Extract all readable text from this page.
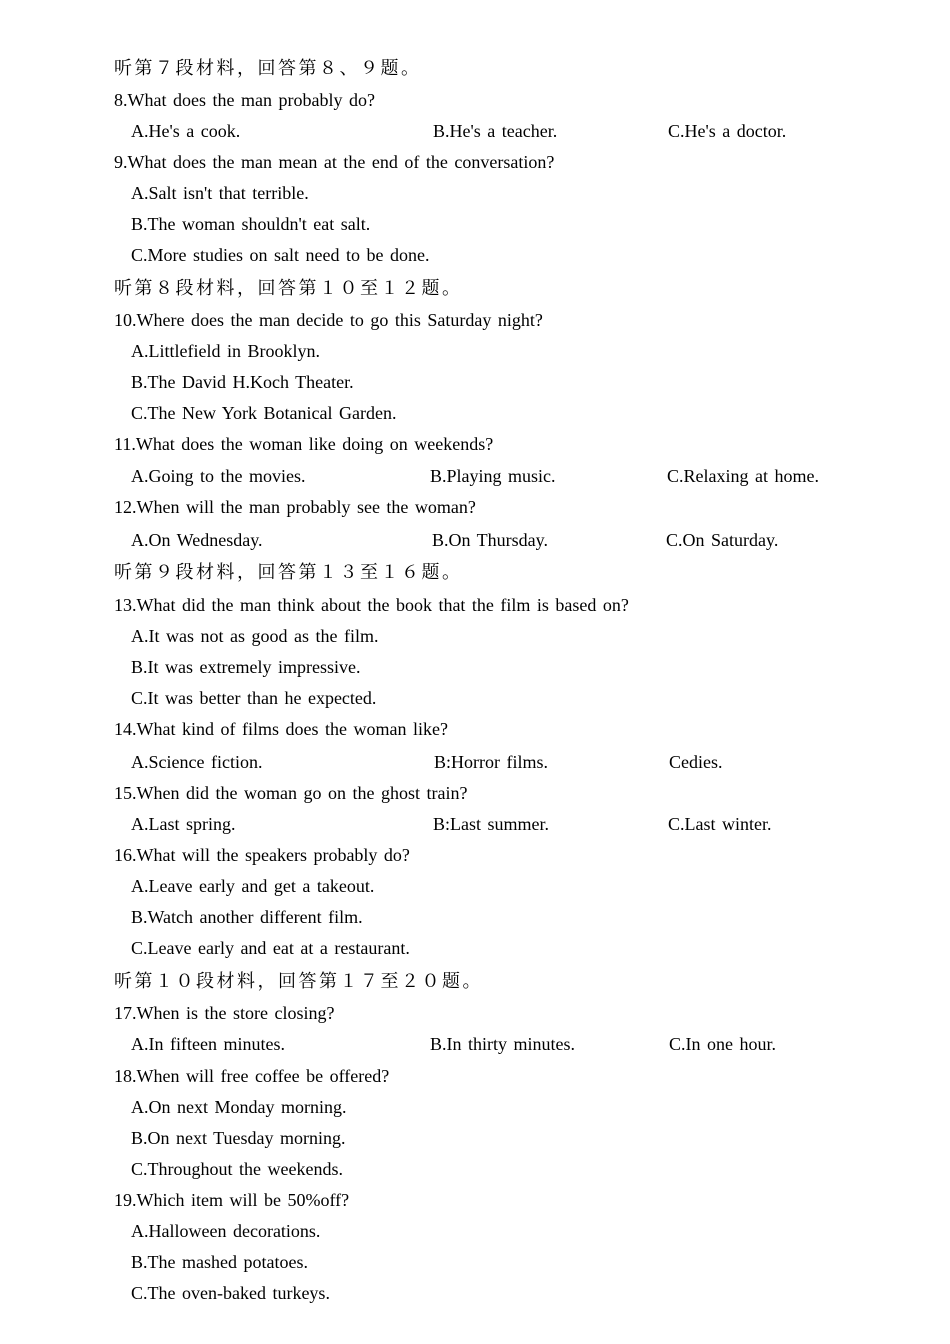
听第７段材料，回答第８、９题。
8.What does the man probably do?
A.He's a cook.	B.He's a teacher.	C.He's a doctor.
9.What does the man mean at the end of the conversation?
A.Salt isn't that terrible.
B.The woman shouldn't eat salt.
C.More studies on salt need to be done.
听第８段材料，回答第１０至１２题。
10.Where does the man decide to go this Saturday night?
A.Littlefield in Brooklyn.
B.The David H.Koch Theater.
C.The New York Botanical Garden.
11.What does the woman like doing on weekends?
A.Going to the movies.	B.Playing music.	C.Relaxing at home.
12.When will the man probably see the woman?
A.On Wednesday.	B.On Thursday.	C.On Saturday.
听第９段材料，回答第１３至１６题。
13.What did the man think about the book that the film is based on?
A.It was not as good as the film.
B.It was extremely impressive.
C.It was better than he expected.
14.What kind of films does the woman like?
A.Science fiction.	B:Horror films.	Cedies.
15.When did the woman go on the ghost train?
A.Last spring.	B:Last summer.	C.Last winter.
16.What will the speakers probably do?
A.Leave early and get a takeout.
B.Watch another different film.
C.Leave early and eat at a restaurant.
听第１０段材料，回答第１７至２０题。
17.When is the store closing?
A.In fifteen minutes.	B.In thirty minutes.	C.In one hour.
18.When will free coffee be offered?
A.On next Monday morning.
B.On next Tuesday morning.
C.Throughout the weekends.
19.Which item will be 50%off?
A.Halloween decorations.
B.The mashed potatoes.
C.The oven-baked turkeys.
